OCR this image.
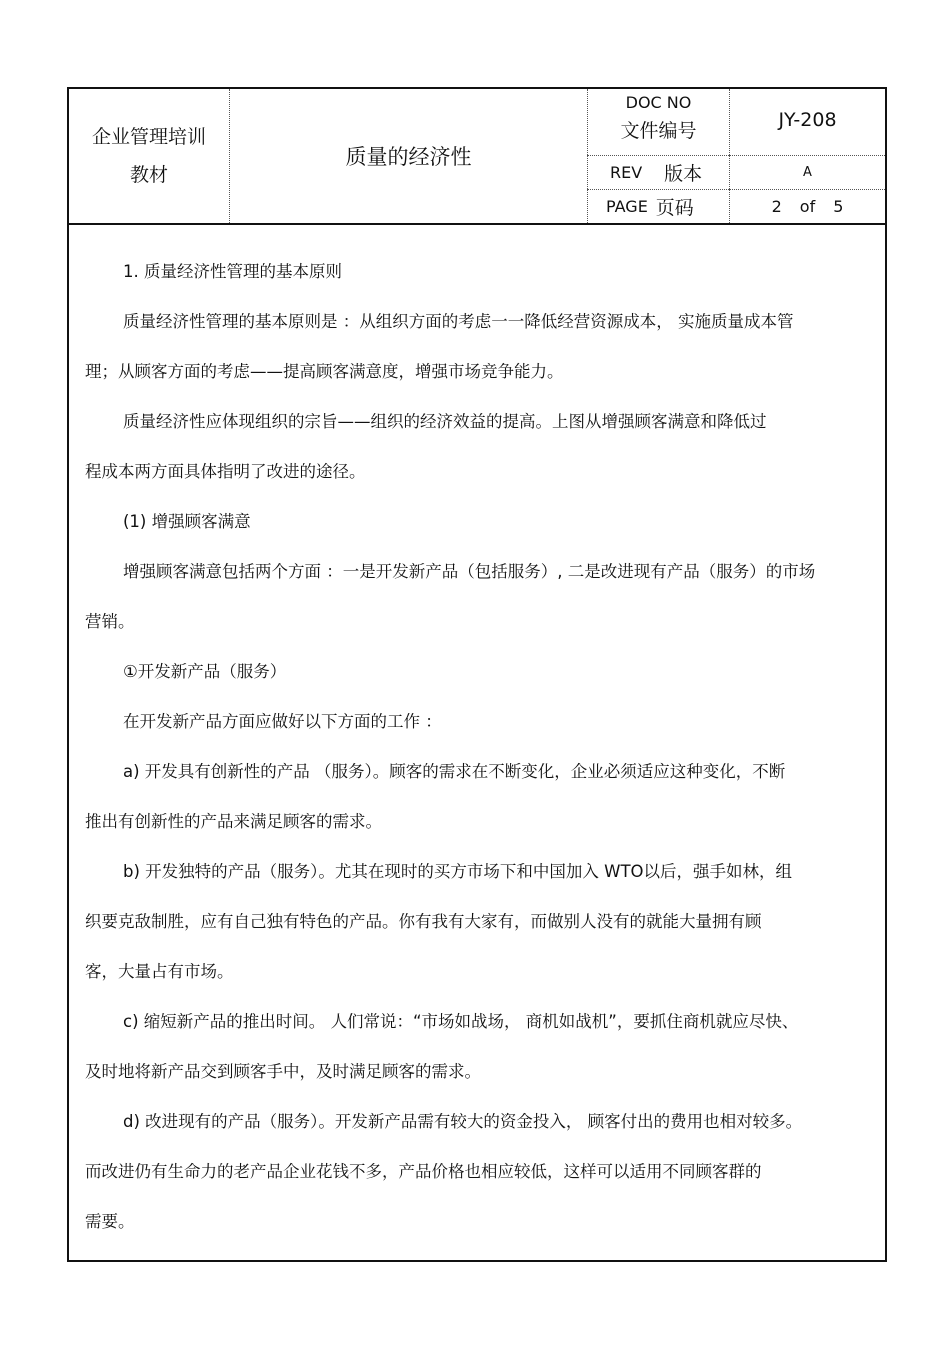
企业管理培训
教材
质量的经济性
DOC NO
文件编号	JY-208
REV 版本	A
PAGE 页码	2 of 5

1. 质量经济性管理的基本原则

质量经济性管理的基本原则是 ：从组织方面的考虑一一降低经营资源成本， 实施质量成本管

理；从顾客方面的考虑——提高顾客满意度，增强市场竞争能力。

质量经济性应体现组织的宗旨——组织的经济效益的提高。上图从增强顾客满意和降低过

程成本两方面具体指明了改进的途径。

(1) 增强顾客满意

增强顾客满意包括两个方面 ：一是开发新产品（包括服务）, 二是改进现有产品（服务）的市场

营销。

①开发新产品（服务）

在开发新产品方面应做好以下方面的工作 ：

a) 开发具有创新性的产品 （服务）。顾客的需求在不断变化，企业必须适应这种变化，不断

推出有创新性的产品来满足顾客的需求。

b) 开发独特的产品（服务）。尤其在现时的买方市场下和中国加入 WTO以后，强手如林，组

织要克敌制胜，应有自己独有特色的产品。你有我有大家有，而做别人没有的就能大量拥有顾

客，大量占有市场。

c) 缩短新产品的推出时间。 人们常说：“市场如战场， 商机如战机”，要抓住商机就应尽快、

及时地将新产品交到顾客手中，及时满足顾客的需求。

d) 改进现有的产品（服务）。开发新产品需有较大的资金投入， 顾客付出的费用也相对较多。

而改进仍有生命力的老产品企业花钱不多，产品价格也相应较低，这样可以适用不同顾客群的

需要。
